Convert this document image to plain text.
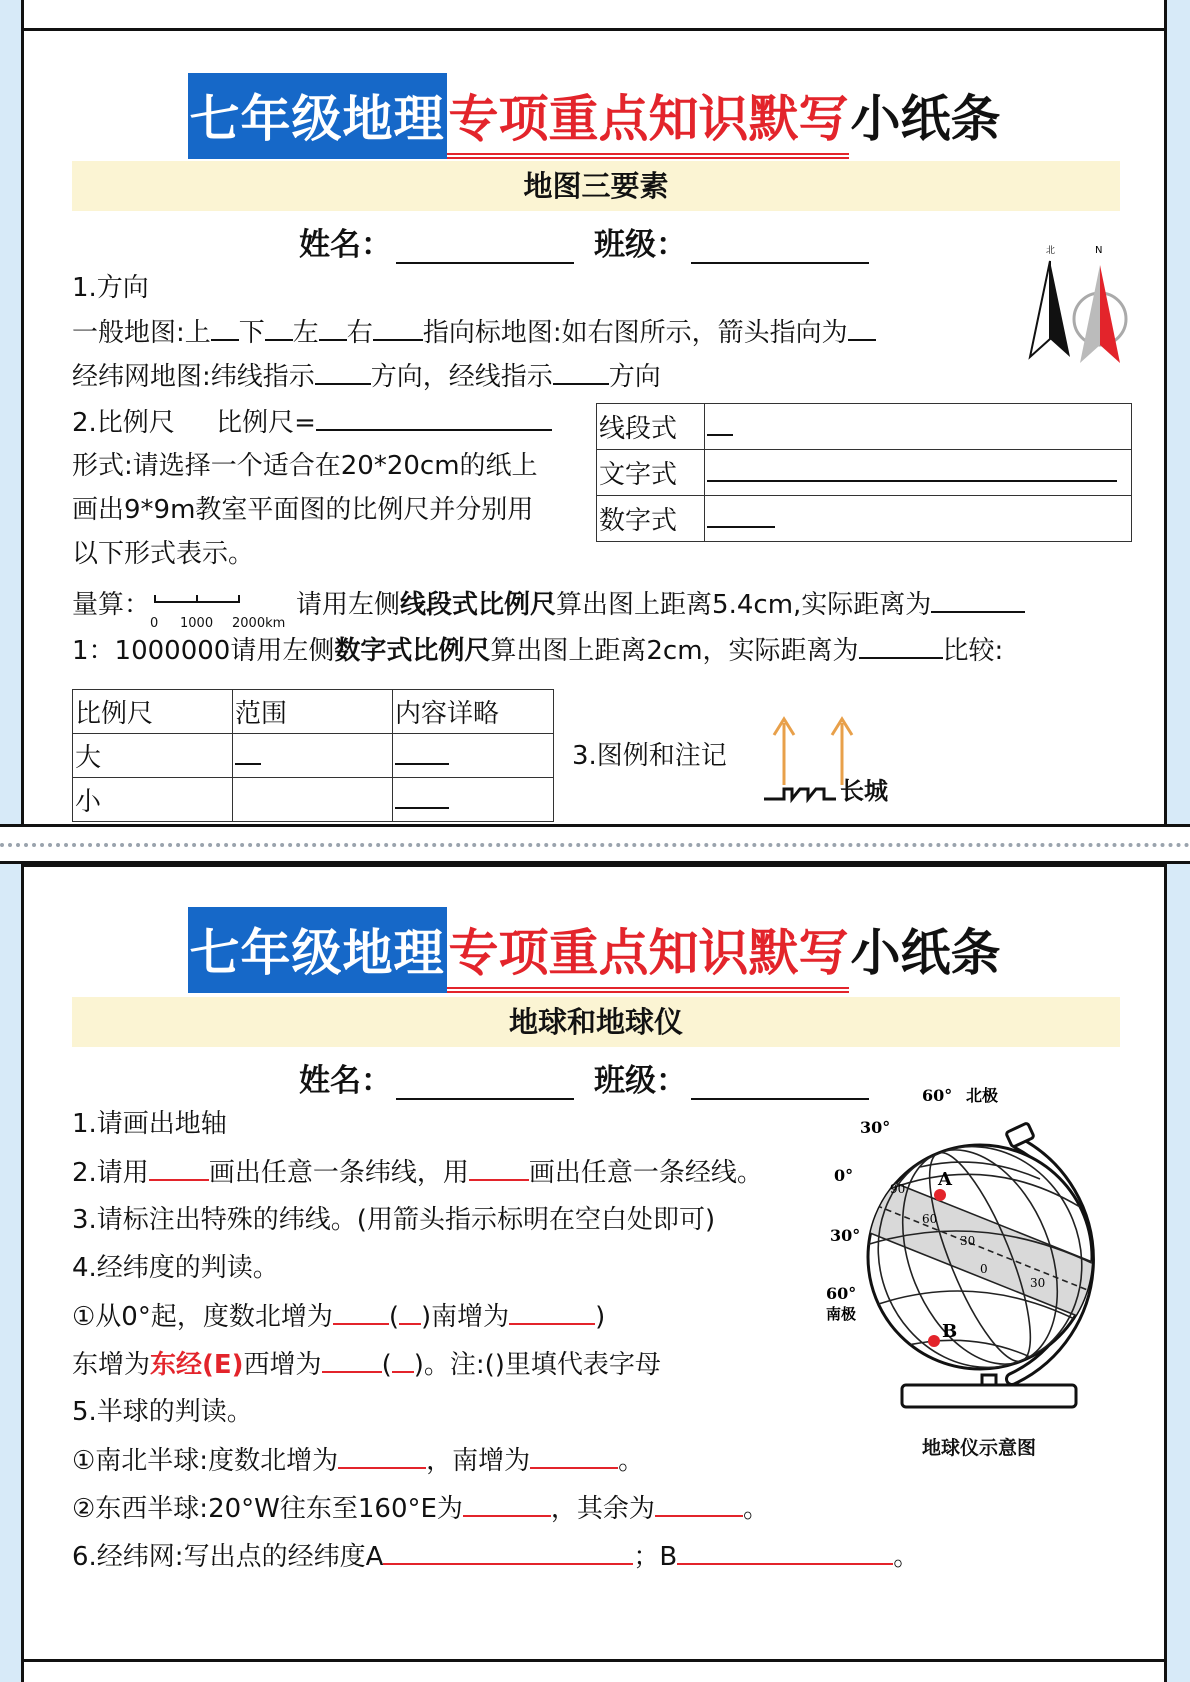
七年级地理 专项重点知识默写 小纸条
地图三要素
姓名：	班级：
1.方向
一般地图:上 下 左 右 指向标地图:如右图所示，箭头指向为
经纬网地图:纬线指示 方向，经线指示 方向
北	N
2.比例尺 比例尺=
形式:请选择一个适合在20*20cm的纸上
画出9*9m教室平面图的比例尺并分别用
以下形式表示。
线段式	
文字式	
数字式	
量算：
0 1000 2000km
请用左侧线段式比例尺算出图上距离5.4cm,实际距离为
1：1000000请用左侧数字式比例尺算出图上距离2cm，实际距离为	比较:
比例尺	范围	内容详略
大		
小		
3.图例和注记
长城
七年级地理 专项重点知识默写 小纸条
地球和地球仪
姓名：	班级：
1.请画出地轴
2.请用 画出任意一条纬线，用 画出任意一条经线。
3.请标注出特殊的纬线。(用箭头指示标明在空白处即可)
4.经纬度的判读。
①从0°起，度数北增为 ( )南增为	)
东增为东经(E)西增为 ( )。注:()里填代表字母
5.半球的判读。
①南北半球:度数北增为	，南增为	。
②东西半球:20°W往东至160°E为	，其余为	。
6.经纬网:写出点的经纬度A	；B	。
60° 北极
30°
0°
30°
60°
南极
90
60
30
0
30
A
B
地球仪示意图
